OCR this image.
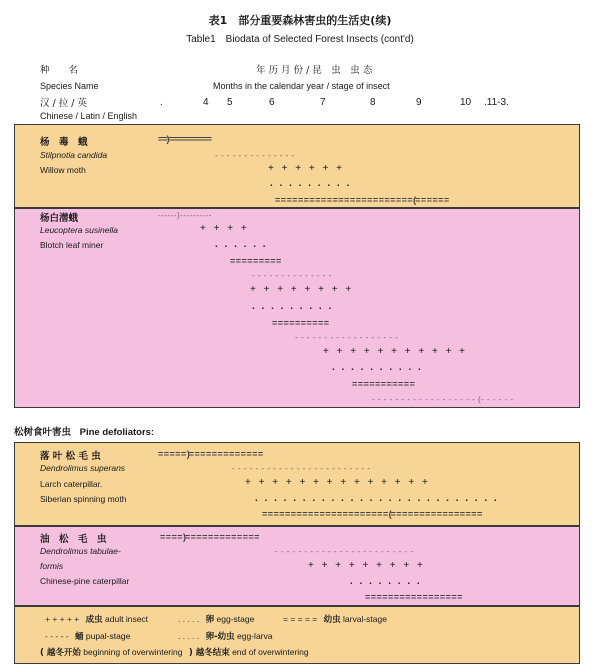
表1　部分重要森林害虫的生活史(续)
Table1　Biodata of Selected Forest Insects (cont'd)
种　　名
Species Name
汉 / 拉 / 英
Chinese / Latin / English
年 历 月 份 / 昆　虫　虫 态
Months in the calendar year / stage of insect
.	4 5	6	7	8	9	10 .11-3.
杨　毒　蛾
Stilpnotia candida
Willow moth
==)==========
- - - - - - - - - - - - - -
+ + + + + +
. . . . . . . . .
= = = = = = = = = = = = = = = = = = = = = = = = (= = = = = =
杨白潜蛾
Leucoptera susinella
Blotch leaf miner
------)----------
+ + + +
. . . . . .
= = = = = = = = =
- - - - - - - - - - - - - -
+ + + + + + + +
. . . . . . . . .
= = = = = = = = = =
- - - - - - - - - - - - - - - - - -
+ + + + + + + + + + +
. . . . . . . . . .
= = = = = = = = = = =
- - - - - - - - - - - - - - - - - - (- - - - - -
松树食叶害虫 Pine defoliators:
落 叶 松 毛 虫
Dendrolimus superans
Larch caterpillar.
Siberian spinning moth
= = = = = )= = = = = = = = = = = = =
- - - - - - - - - - - - - - - - - - - - - - - -
+ + + + + + + + + + + + + +
. . . . . . . . . . . . . . . . . . . . . . . . . .
= = = = = = = = = = = = = = = = = = = = = = (= = = = = = = = = = = = = = = =
油　松　毛　虫
Dendrolimus tabulae-
formis
Chinese-pine caterpillar
= = = = )= = = = = = = = = = = = =
- - - - - - - - - - - - - - - - - - - - - - - -
+ + + + + + + + +
. . . . . . . .
= = = = = = = = = = = = = = = = =
+ + + + + 成虫 adult insect	. . . . . 卵 egg-stage	= = = = = 幼虫 larval-stage
- - - - - 蛹 pupal-stage	. . . . . 卵-幼虫 egg-larva
( 越冬开始 beginning of overwintering ) 越冬结束 end of overwintering
